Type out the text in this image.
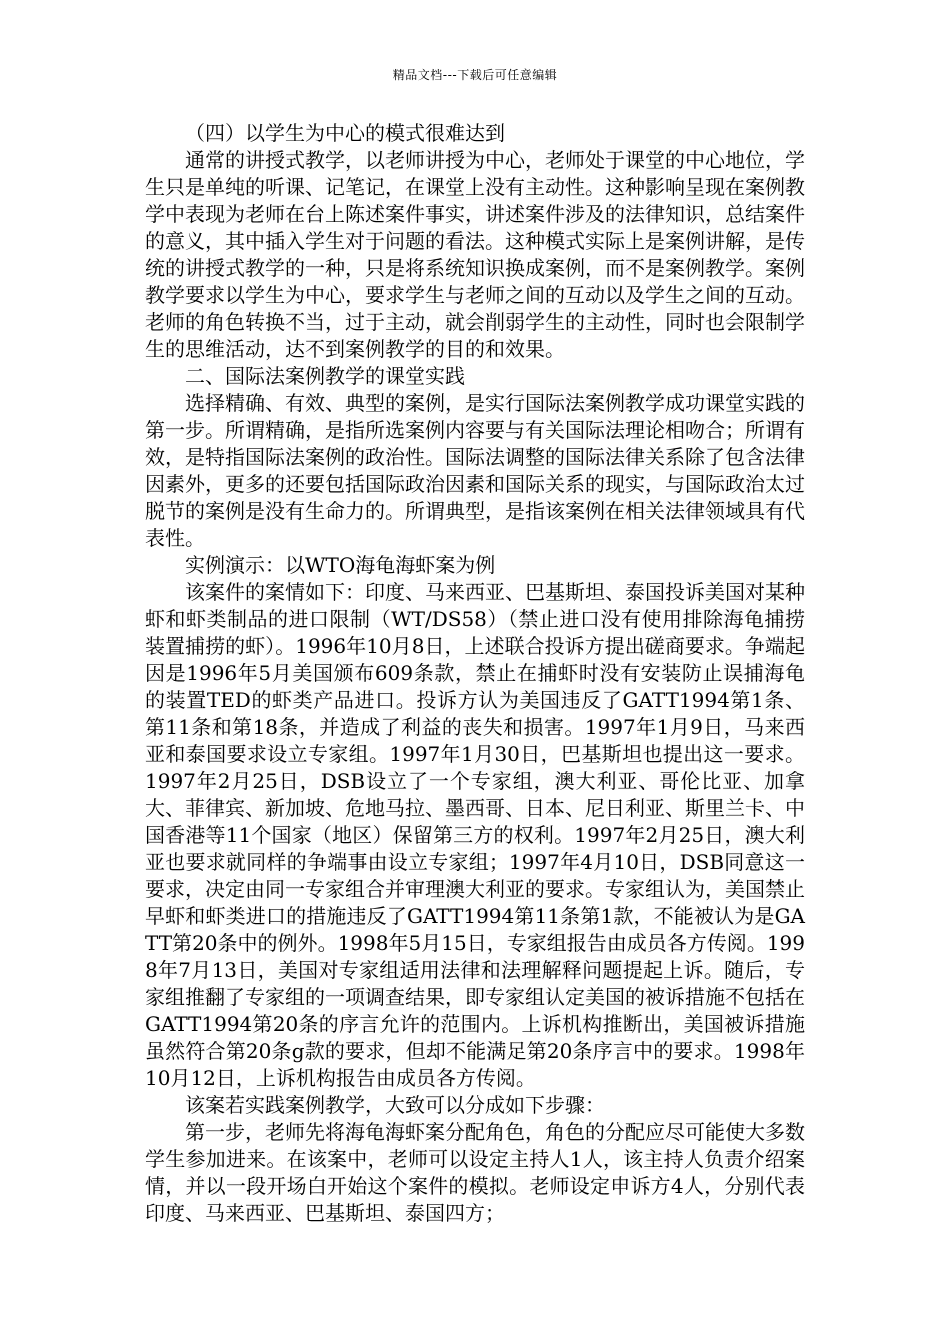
精品文档---下载后可任意编辑

（四）以学生为中心的模式很难达到

通常的讲授式教学，以老师讲授为中心，老师处于课堂的中心地位，学生只是单纯的听课、记笔记，在课堂上没有主动性。这种影响呈现在案例教学中表现为老师在台上陈述案件事实，讲述案件涉及的法律知识，总结案件的意义，其中插入学生对于问题的看法。这种模式实际上是案例讲解，是传统的讲授式教学的一种，只是将系统知识换成案例，而不是案例教学。案例教学要求以学生为中心，要求学生与老师之间的互动以及学生之间的互动。老师的角色转换不当，过于主动，就会削弱学生的主动性，同时也会限制学生的思维活动，达不到案例教学的目的和效果。

二、国际法案例教学的课堂实践

选择精确、有效、典型的案例，是实行国际法案例教学成功课堂实践的第一步。所谓精确，是指所选案例内容要与有关国际法理论相吻合；所谓有效，是特指国际法案例的政治性。国际法调整的国际法律关系除了包含法律因素外，更多的还要包括国际政治因素和国际关系的现实，与国际政治太过脱节的案例是没有生命力的。所谓典型，是指该案例在相关法律领域具有代表性。

实例演示：以WTO海龟海虾案为例

该案件的案情如下：印度、马来西亚、巴基斯坦、泰国投诉美国对某种虾和虾类制品的进口限制（WT/DS58）（禁止进口没有使用排除海龟捕捞装置捕捞的虾）。1996年10月8日，上述联合投诉方提出磋商要求。争端起因是1996年5月美国颁布609条款，禁止在捕虾时没有安装防止误捕海龟的装置TED的虾类产品进口。投诉方认为美国违反了GATT1994第1条、 第11条和第18条，并造成了利益的丧失和损害。1997年1月9日，马来西亚和泰国要求设立专家组。1997年1月30日，巴基斯坦也提出这一要求。1997年2月25日，DSB设立了一个专家组，澳大利亚、哥伦比亚、加拿大、菲律宾、新加坡、危地马拉、墨西哥、日本、尼日利亚、斯里兰卡、中国香港等11个国家（地区）保留第三方的权利。1997年2月25日，澳大利亚也要求就同样的争端事由设立专家组；1997年4月10日，DSB同意这一要求，决定由同一专家组合并审理澳大利亚的要求。专家组认为，美国禁止早虾和虾类进口的措施违反了GATT1994第11条第1款，不能被认为是GATT第20条中的例外。1998年5月15日，专家组报告由成员各方传阅。1998年7月13日，美国对专家组适用法律和法理解释问题提起上诉。随后，专家组推翻了专家组的一项调查结果，即专家组认定美国的被诉措施不包括在GATT1994第20条的序言允许的范围内。上诉机构推断出，美国被诉措施虽然符合第20条g款的要求，但却不能满足第20条序言中的要求。1998年10月12日，上诉机构报告由成员各方传阅。

该案若实践案例教学，大致可以分成如下步骤：

第一步，老师先将海龟海虾案分配角色，角色的分配应尽可能使大多数学生参加进来。在该案中，老师可以设定主持人1人，该主持人负责介绍案情，并以一段开场白开始这个案件的模拟。老师设定申诉方4人，分别代表印度、马来西亚、巴基斯坦、泰国四方；
